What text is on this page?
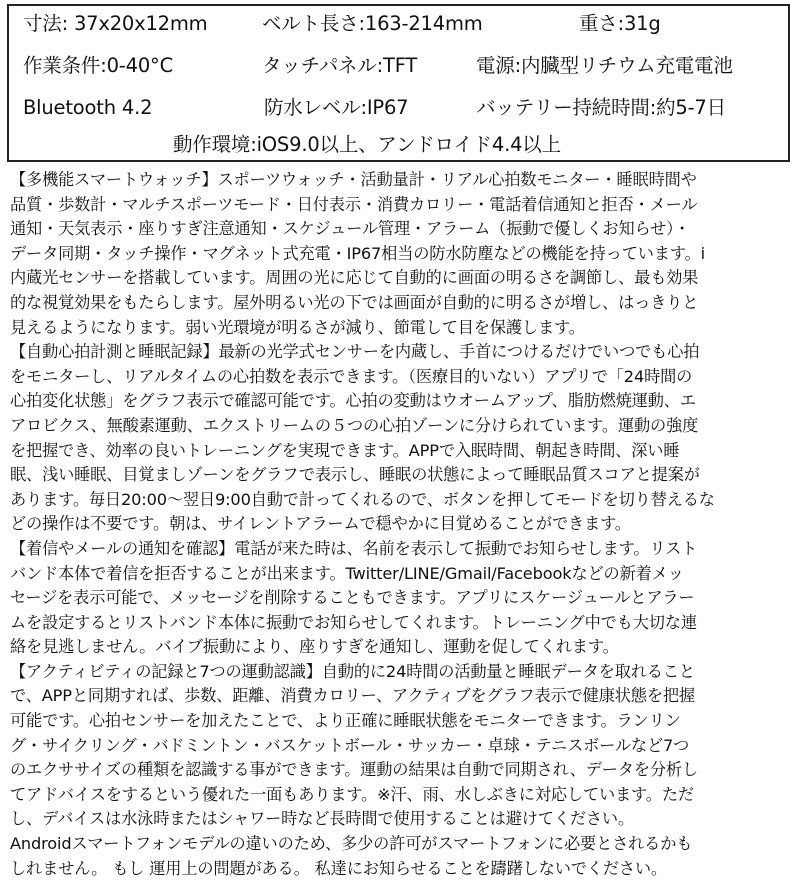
寸法: 37x20x12mm	ベルト長さ:163-214mm	重さ:31g
作業条件:0-40°C	タッチパネル:TFT	電源:内臓型リチウム充電電池
Bluetooth 4.2	防水レベル:IP67	バッテリー持続時間:約5-7日
動作環境:iOS9.0以上、アンドロイド4.4以上
【多機能スマートウォッチ】スポーツウォッチ・活動量計・リアル心拍数モニター・睡眠時間や
品質・歩数計・マルチスポーツモード・日付表示・消費カロリー・電話着信通知と拒否・メール
通知・天気表示・座りすぎ注意通知・スケジュール管理・アラーム（振動で優しくお知らせ）・
データ同期・タッチ操作・マグネット式充電・IP67相当の防水防塵などの機能を持っています。i
内蔵光センサーを搭載しています。周囲の光に応じて自動的に画面の明るさを調節し、最も効果
的な視覚効果をもたらします。屋外明るい光の下では画面が自動的に明るさが増し、はっきりと
見えるようになります。弱い光環境が明るさが減り、節電して目を保護します。
【自動心拍計測と睡眠記録】最新の光学式センサーを内蔵し、手首につけるだけでいつでも心拍
をモニターし、リアルタイムの心拍数を表示できます。（医療目的いない）アプリで「24時間の
心拍変化状態」をグラフ表示で確認可能です。心拍の変動はウオームアップ、脂肪燃焼運動、エ
アロビクス、無酸素運動、エクストリームの５つの心拍ゾーンに分けられています。運動の強度
を把握でき、効率の良いトレーニングを実現できます。APPで入眠時間、朝起き時間、深い睡
眠、浅い睡眠、目覚ましゾーンをグラフで表示し、睡眠の状態によって睡眠品質スコアと提案が
あります。毎日20:00～翌日9:00自動で計ってくれるので、ボタンを押してモードを切り替えるな
どの操作は不要です。朝は、サイレントアラームで穏やかに目覚めることができます。
【着信やメールの通知を確認】電話が来た時は、名前を表示して振動でお知らせします。リスト
バンド本体で着信を拒否することが出来ます。Twitter/LINE/Gmail/Facebookなどの新着メッ
セージを表示可能で、メッセージを削除することもできます。アプリにスケージュールとアラー
ムを設定するとリストバンド本体に振動でお知らせしてくれます。トレーニング中でも大切な連
絡を見逃しません。バイブ振動により、座りすぎを通知し、運動を促してくれます。
【アクティビティの記録と7つの運動認識】自動的に24時間の活動量と睡眠データを取れること
で、APPと同期すれば、歩数、距離、消費カロリー、アクティブをグラフ表示で健康状態を把握
可能です。心拍センサーを加えたことで、より正確に睡眠状態をモニターできます。ランリン
グ・サイクリング・バドミントン・バスケットボール・サッカー・卓球・テニスボールなど7つ
のエクササイズの種類を認識する事ができます。運動の結果は自動で同期され、データを分析し
てアドバイスをするという優れた一面もあります。※汗、雨、水しぶきに対応しています。ただ
し、デバイスは水泳時またはシャワー時など長時間で使用することは避けてください。
Androidスマートフォンモデルの違いのため、多少の許可がスマートフォンに必要とされるかも
しれません。 もし 運用上の問題がある。 私達にお知らせることを躊躇しないでください。
